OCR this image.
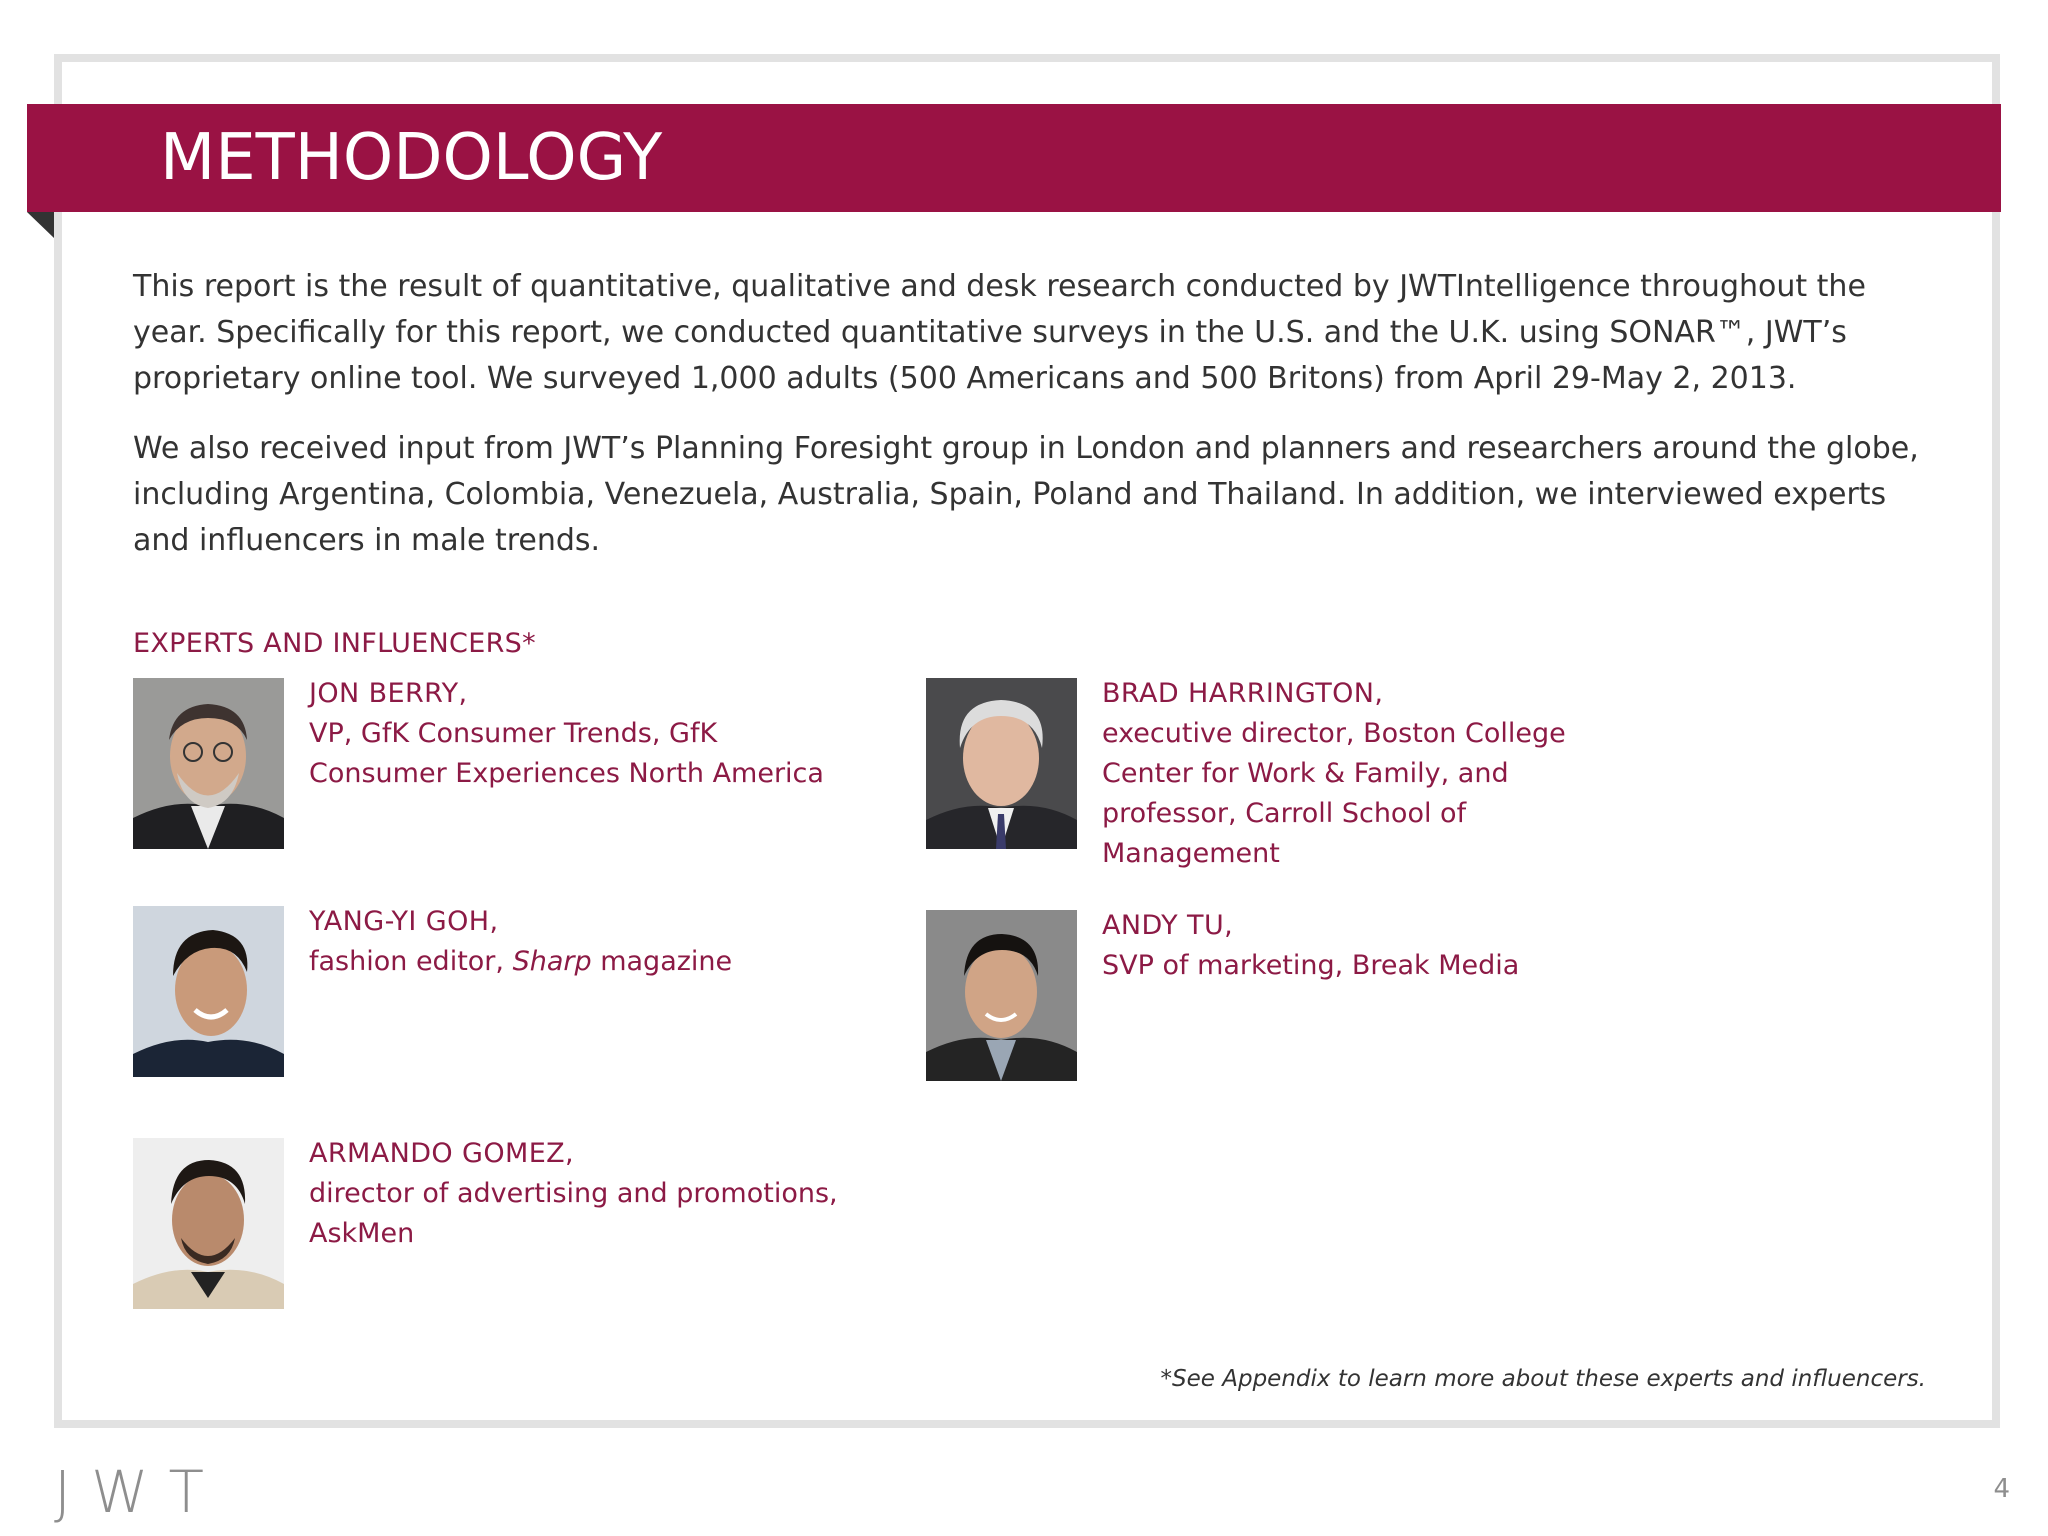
METHODOLOGY

This report is the result of quantitative, qualitative and desk research conducted by JWTIntelligence throughout the year. Specifically for this report, we conducted quantitative surveys in the U.S. and the U.K. using SONAR™, JWT’s proprietary online tool. We surveyed 1,000 adults (500 Americans and 500 Britons) from April 29-May 2, 2013.

We also received input from JWT’s Planning Foresight group in London and planners and researchers around the globe, including Argentina, Colombia, Venezuela, Australia, Spain, Poland and Thailand. In addition, we interviewed experts and influencers in male trends.

EXPERTS AND INFLUENCERS*
JON BERRY,
VP, GfK Consumer Trends, GfK Consumer Experiences North America
BRAD HARRINGTON,
executive director, Boston College Center for Work & Family, and professor, Carroll School of Management
YANG-YI GOH,
fashion editor, Sharp magazine
ANDY TU,
SVP of marketing, Break Media
ARMANDO GOMEZ,
director of advertising and promotions, AskMen

*See Appendix to learn more about these experts and influencers.

JWT	4
